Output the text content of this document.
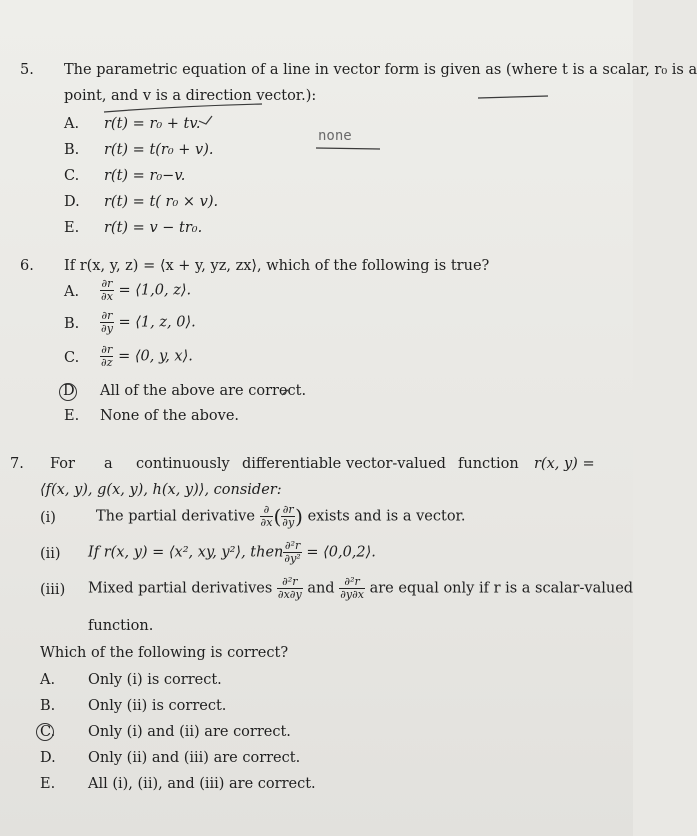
5. The parametric equation of a line in vector form is given as (where t is a scalar, r₀ is a
point, and v is a direction vector.):
A. r(t) = r₀ + tv.
B. r(t) = t(r₀ + v).
C. r(t) = r₀−v.
D. r(t) = t( r₀ × v).
E. r(t) = v − tr₀.
none
6. If r(x, y, z) = ⟨x + y, yz, zx⟩, which of the following is true?
A. $\frac{\partial r}{\partial x}$ = ⟨1,0, z⟩.
B. $\frac{\partial r}{\partial y}$ = ⟨1, z, 0⟩.
C. $\frac{\partial r}{\partial z}$ = ⟨0, y, x⟩.
D All of the above are correct.
E. None of the above.
7. For a continuously differentiable vector-valued function r(x, y) =
⟨f(x, y), g(x, y), h(x, y)⟩, consider:
(i)	The partial derivative $\frac{\partial}{\partial x}$ ( $\frac{\partial r}{\partial y}$ ) exists and is a vector.
(ii) If r(x, y) = ⟨x², xy, y²⟩, then $\frac{\text{∂²r}}{\text{∂y²}}$ = ⟨0,0,2⟩.
(iii) Mixed partial derivatives $\frac{\text{∂²r}}{\partial x\partial y}$ and $\frac{\text{∂²r}}{\partial y\partial x}$ are equal only if r is a scalar-valued
function.
Which of the following is correct?
A. Only (i) is correct.
B. Only (ii) is correct.
C. Only (i) and (ii) are correct.
D. Only (ii) and (iii) are correct.
E. All (i), (ii), and (iii) are correct.
